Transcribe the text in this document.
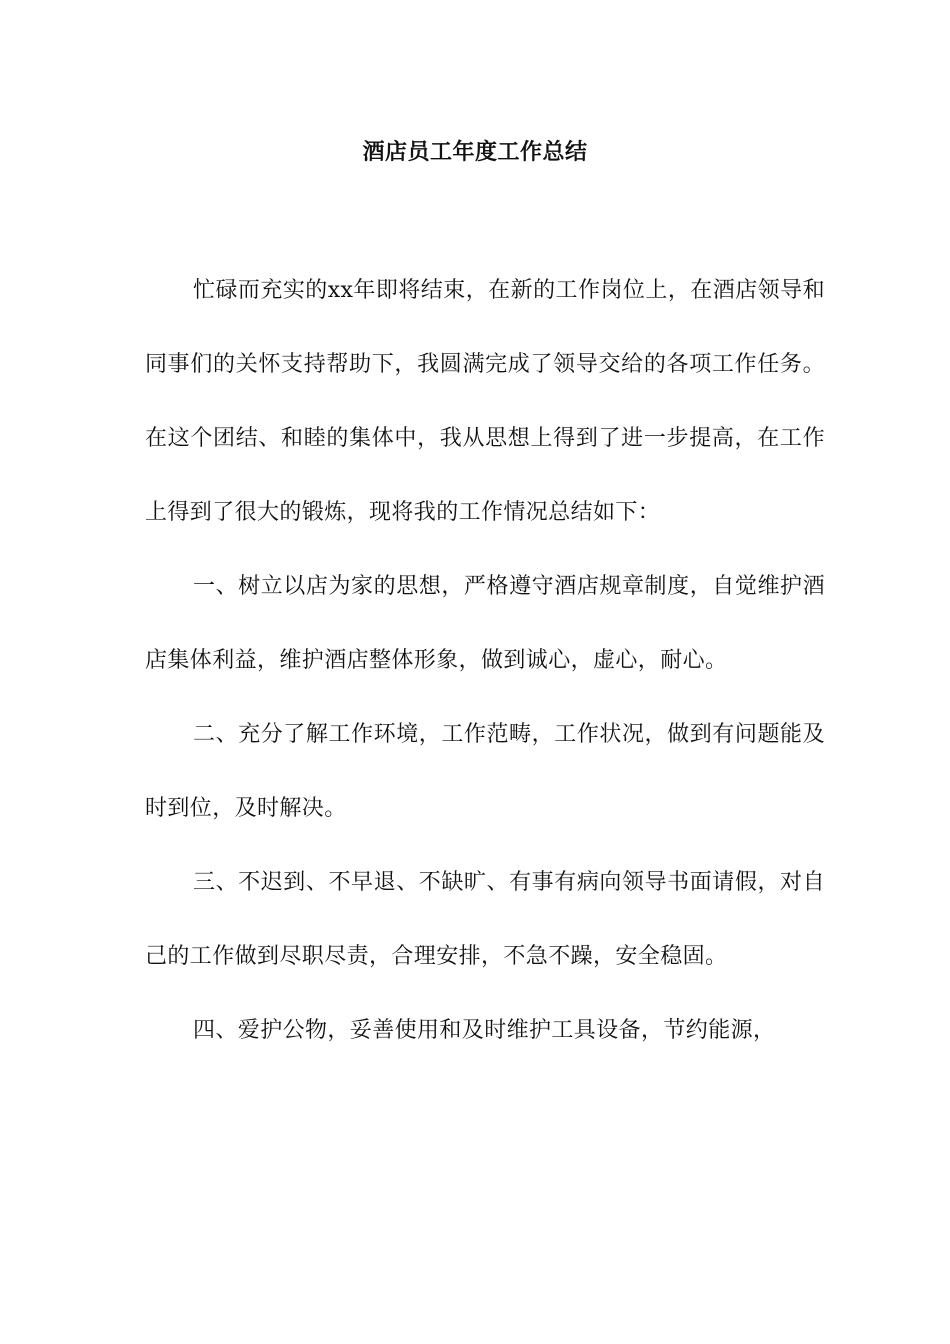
酒店员工年度工作总结

忙碌而充实的xx年即将结束，在新的工作岗位上，在酒店领导和同事们的关怀支持帮助下，我圆满完成了领导交给的各项工作任务。在这个团结、和睦的集体中，我从思想上得到了进一步提高，在工作上得到了很大的锻炼，现将我的工作情况总结如下：

一、树立以店为家的思想，严格遵守酒店规章制度，自觉维护酒店集体利益，维护酒店整体形象，做到诚心，虚心，耐心。

二、充分了解工作环境，工作范畴，工作状况，做到有问题能及时到位，及时解决。

三、不迟到、不早退、不缺旷、有事有病向领导书面请假，对自己的工作做到尽职尽责，合理安排，不急不躁，安全稳固。

四、爱护公物，妥善使用和及时维护工具设备，节约能源，
